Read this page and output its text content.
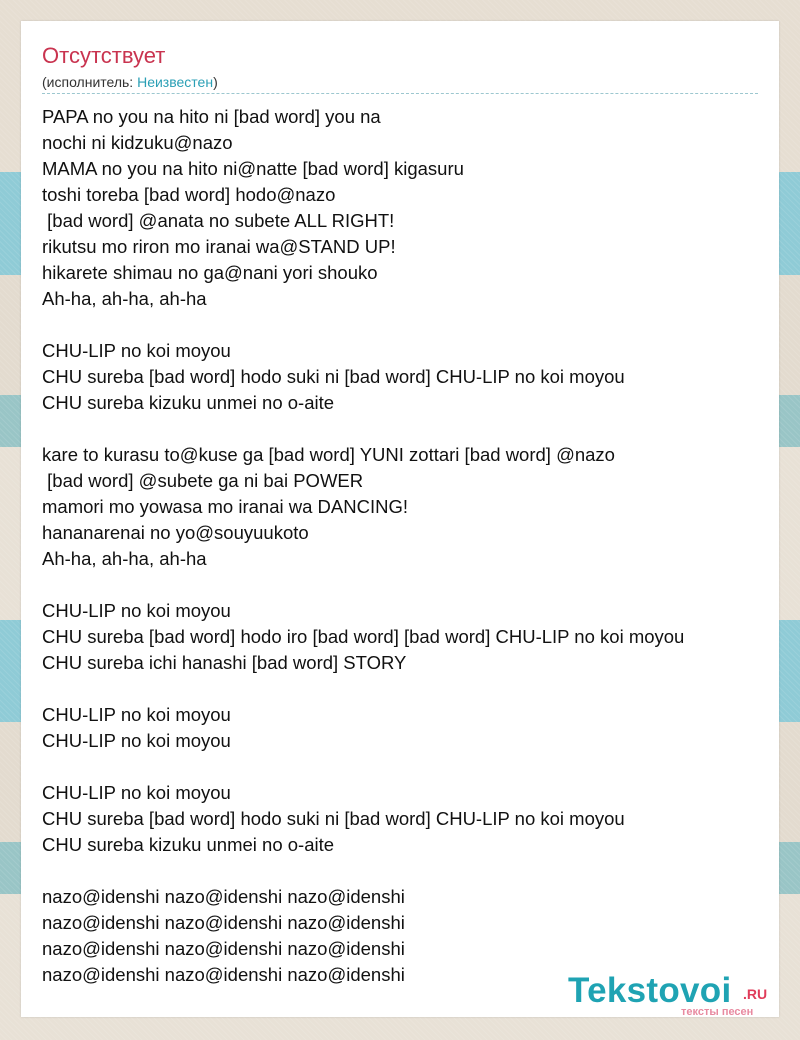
Отсутствует
(исполнитель: Неизвестен)
PAPA no you na hito ni [bad word] you na
nochi ni kidzuku@nazo
MAMA no you na hito ni@natte [bad word] kigasuru
toshi toreba [bad word] hodo@nazo
[bad word] @anata no subete ALL RIGHT!
rikutsu mo riron mo iranai wa@STAND UP!
hikarete shimau no ga@nani yori shouko
Ah-ha, ah-ha, ah-ha
CHU-LIP no koi moyou
CHU sureba [bad word] hodo suki ni [bad word] CHU-LIP no koi moyou
CHU sureba kizuku unmei no o-aite
kare to kurasu to@kuse ga [bad word] YUNI zottari [bad word] @nazo
[bad word] @subete ga ni bai POWER
mamori mo yowasa mo iranai wa DANCING!
hananarenai no yo@souyuukoto
Ah-ha, ah-ha, ah-ha
CHU-LIP no koi moyou
CHU sureba [bad word] hodo iro [bad word] [bad word] CHU-LIP no koi moyou
CHU sureba ichi hanashi [bad word] STORY
CHU-LIP no koi moyou
CHU-LIP no koi moyou
CHU-LIP no koi moyou
CHU sureba [bad word] hodo suki ni [bad word] CHU-LIP no koi moyou
CHU sureba kizuku unmei no o-aite
nazo@idenshi nazo@idenshi nazo@idenshi
nazo@idenshi nazo@idenshi nazo@idenshi
nazo@idenshi nazo@idenshi nazo@idenshi
nazo@idenshi nazo@idenshi nazo@idenshi	Tekstovoi .RU
тексты песен
